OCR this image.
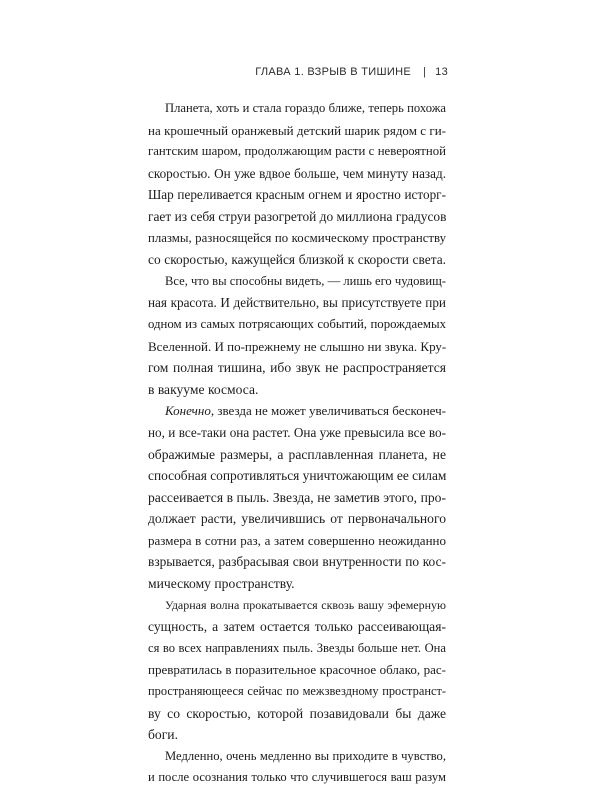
ГЛАВА 1. ВЗРЫВ В ТИШИНЕ | 13
Планета, хоть и стала гораздо ближе, теперь похожа
на крошечный оранжевый детский шарик рядом с ги-
гантским шаром, продолжающим расти с невероятной
скоростью. Он уже вдвое больше, чем минуту назад.
Шар переливается красным огнем и яростно исторг-
гает из себя струи разогретой до миллиона градусов
плазмы, разносящейся по космическому пространству
со скоростью, кажущейся близкой к скорости света.
Все, что вы способны видеть, — лишь его чудовищ-
ная красота. И действительно, вы присутствуете при
одном из самых потрясающих событий, порождаемых
Вселенной. И по-прежнему не слышно ни звука. Кру-
гом полная тишина, ибо звук не распространяется
в вакууме космоса.
Конечно, звезда не может увеличиваться бесконеч-
но, и все-таки она растет. Она уже превысила все во-
ображимые размеры, а расплавленная планета, не
способная сопротивляться уничтожающим ее силам
рассеивается в пыль. Звезда, не заметив этого, про-
должает расти, увеличившись от первоначального
размера в сотни раз, а затем совершенно неожиданно
взрывается, разбрасывая свои внутренности по кос-
мическому пространству.
Ударная волна прокатывается сквозь вашу эфемерную
сущность, а затем остается только рассеивающая-
ся во всех направлениях пыль. Звезды больше нет. Она
превратилась в поразительное красочное облако, рас-
пространяющееся сейчас по межзвездному пространст-
ву со скоростью, которой позавидовали бы даже
боги.
Медленно, очень медленно вы приходите в чувство,
и после осознания только что случившегося ваш разум
